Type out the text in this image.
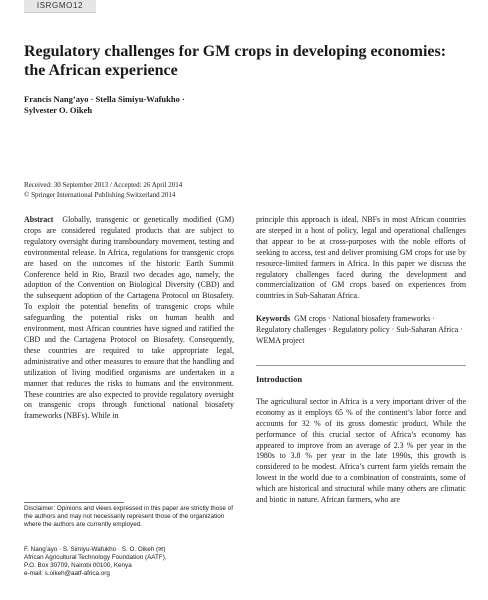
ISRGMO12
Regulatory challenges for GM crops in developing economies: the African experience
Francis Nang’ayo · Stella Simiyu-Wafukho ·
Sylvester O. Oikeh
Received: 30 September 2013 / Accepted: 26 April 2014
© Springer International Publishing Switzerland 2014

Abstract Globally, transgenic or genetically modified (GM) crops are considered regulated products that are subject to regulatory oversight during transboundary movement, testing and environmental release. In Africa, regulations for transgenic crops are based on the outcomes of the historic Earth Summit Conference held in Rio, Brazil two decades ago, namely, the adoption of the Convention on Biological Diversity (CBD) and the subsequent adoption of the Cartagena Protocol on Biosafety. To exploit the potential benefits of transgenic crops while safeguarding the potential risks on human health and environment, most African countries have signed and ratified the CBD and the Cartagena Protocol on Biosafety. Consequently, these countries are required to take appropriate legal, administrative and other measures to ensure that the handling and utilization of living modified organisms are undertaken in a manner that reduces the risks to humans and the environment. These countries are also expected to provide regulatory oversight on transgenic crops through functional national biosafety frameworks (NBFs). While in

principle this approach is ideal, NBFs in most African countries are steeped in a host of policy, legal and operational challenges that appear to be at cross-purposes with the noble efforts of seeking to access, test and deliver promising GM crops for use by resource-limited farmers in Africa. In this paper we discuss the regulatory challenges faced during the development and commercialization of GM crops based on experiences from countries in Sub-Saharan Africa.

Keywords GM crops · National biosafety frameworks · Regulatory challenges · Regulatory policy · Sub-Saharan Africa · WEMA project

Introduction

The agricultural sector in Africa is a very important driver of the economy as it employs 65 % of the continent’s labor force and accounts for 32 % of its gross domestic product. While the performance of this crucial sector of Africa’s economy has appeared to improve from an average of 2.3 % per year in the 1980s to 3.8 % per year in the late 1990s, this growth is considered to be modest. Africa’s current farm yields remain the lowest in the world due to a combination of constraints, some of which are historical and structural while many others are climatic and biotic in nature. African farmers, who are

Disclaimer: Opinions and views expressed in this paper are strictly those of the authors and may not necessarily represent those of the organization where the authors are currently employed.
F. Nang’ayo · S. Simiyu-Wafukho · S. O. Oikeh (✉)
African Agricultural Technology Foundation (AATF),
P.O. Box 30709, Nairobi 00100, Kenya
e-mail: s.oikeh@aatf-africa.org
